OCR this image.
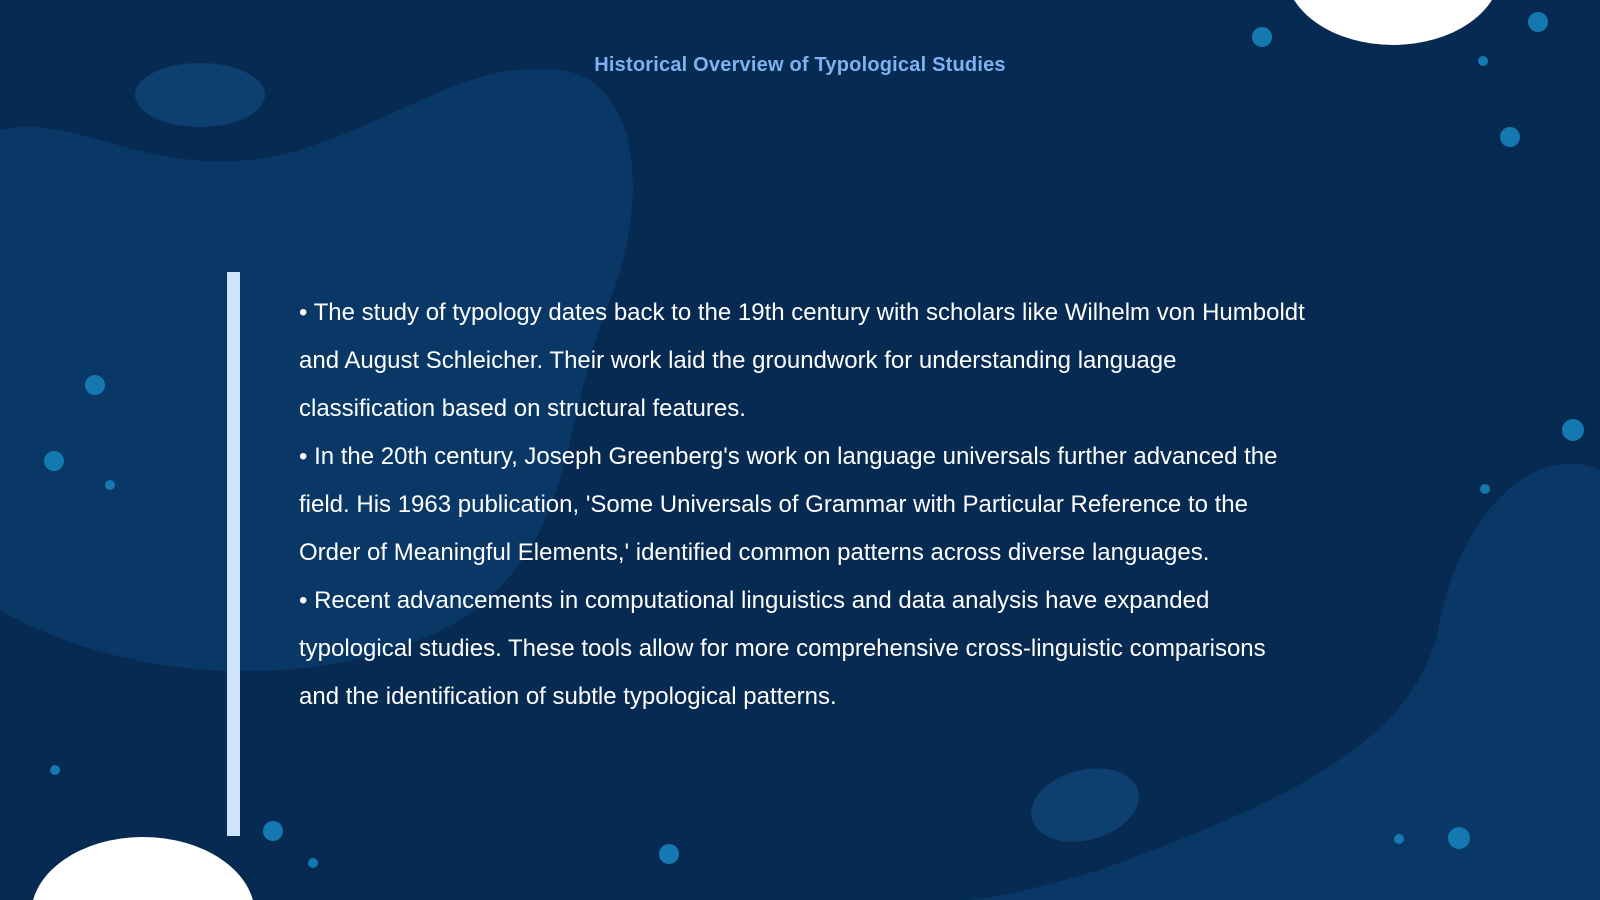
Historical Overview of Typological Studies
• The study of typology dates back to the 19th century with scholars like Wilhelm von Humboldt and August Schleicher. Their work laid the groundwork for understanding language classification based on structural features.
• In the 20th century, Joseph Greenberg's work on language universals further advanced the field. His 1963 publication, 'Some Universals of Grammar with Particular Reference to the Order of Meaningful Elements,' identified common patterns across diverse languages.
• Recent advancements in computational linguistics and data analysis have expanded typological studies. These tools allow for more comprehensive cross-linguistic comparisons and the identification of subtle typological patterns.
